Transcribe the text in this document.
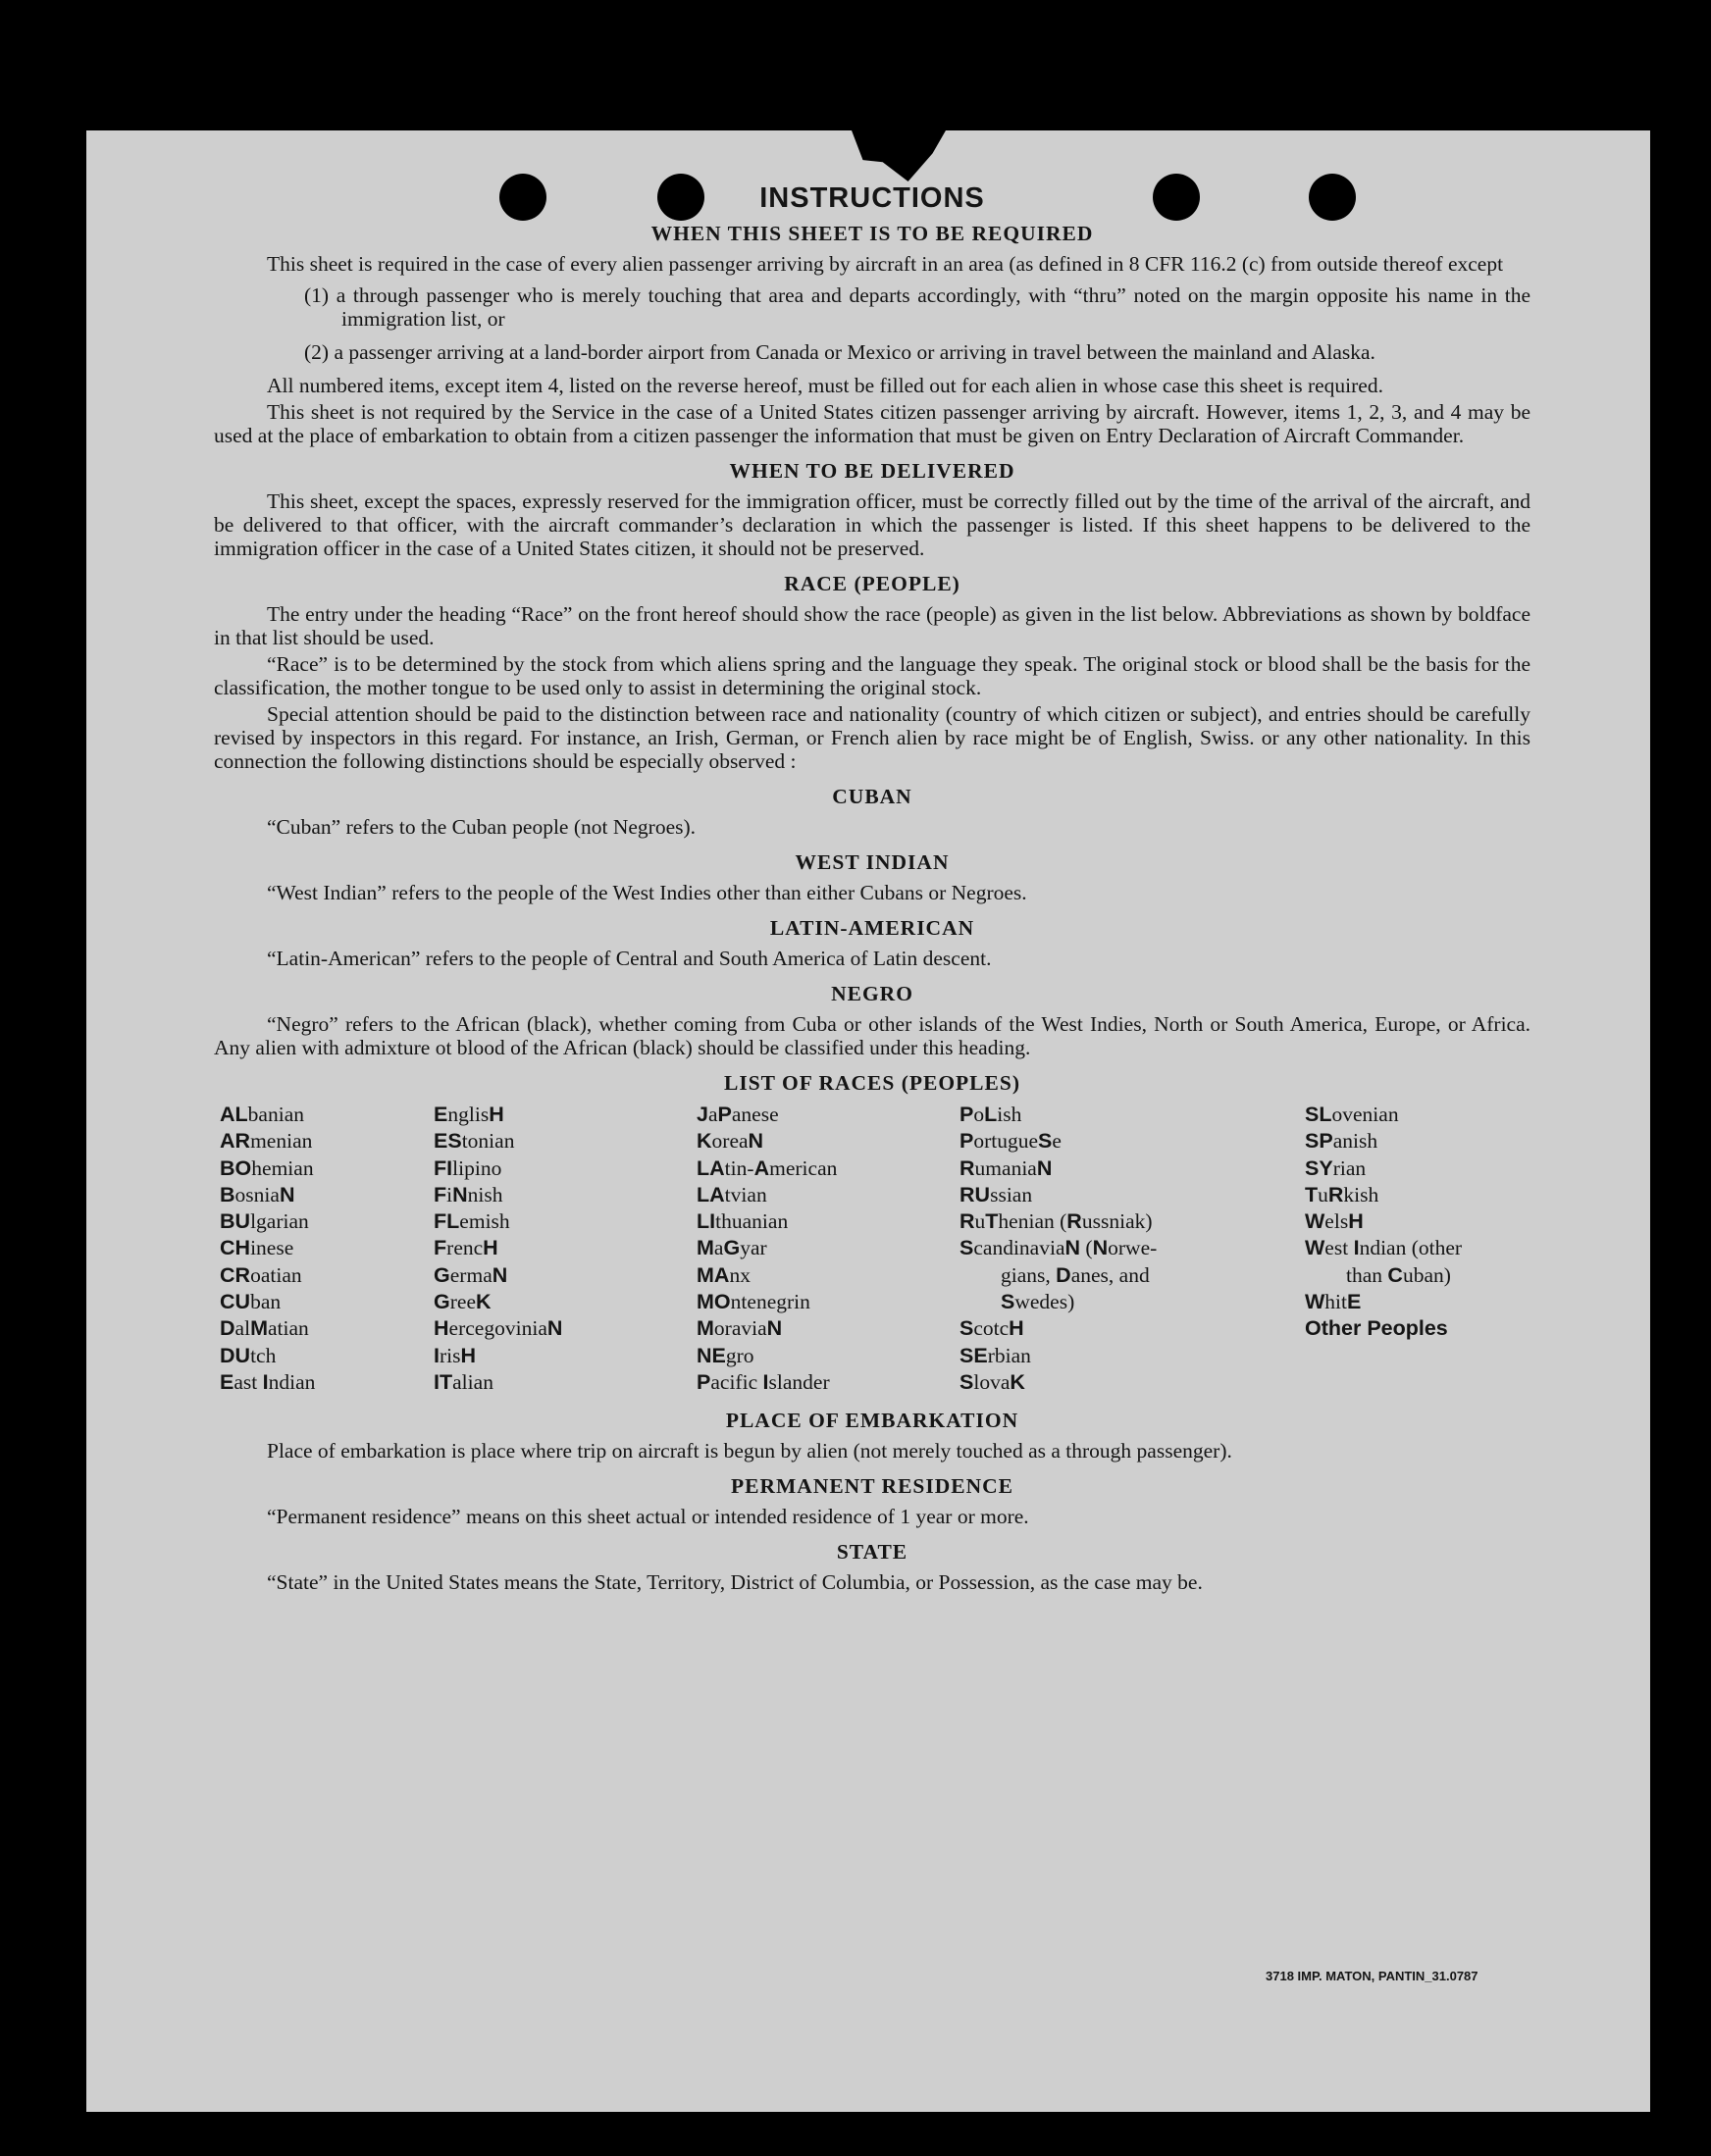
INSTRUCTIONS
WHEN THIS SHEET IS TO BE REQUIRED

This sheet is required in the case of every alien passenger arriving by aircraft in an area (as defined in 8 CFR 116.2 (c) from outside thereof except

(1) a through passenger who is merely touching that area and departs accordingly, with “thru” noted on the margin opposite his name in the immigration list, or
(2) a passenger arriving at a land-border airport from Canada or Mexico or arriving in travel between the mainland and Alaska.

All numbered items, except item 4, listed on the reverse hereof, must be filled out for each alien in whose case this sheet is required.

This sheet is not required by the Service in the case of a United States citizen passenger arriving by aircraft. However, items 1, 2, 3, and 4 may be used at the place of embarkation to obtain from a citizen passenger the information that must be given on Entry Declaration of Aircraft Commander.

WHEN TO BE DELIVERED

This sheet, except the spaces, expressly reserved for the immigration officer, must be correctly filled out by the time of the arrival of the aircraft, and be delivered to that officer, with the aircraft commander’s declaration in which the passenger is listed. If this sheet happens to be delivered to the immigration officer in the case of a United States citizen, it should not be preserved.

RACE (PEOPLE)

The entry under the heading “Race” on the front hereof should show the race (people) as given in the list below. Abbreviations as shown by boldface in that list should be used.

“Race” is to be determined by the stock from which aliens spring and the language they speak. The original stock or blood shall be the basis for the classification, the mother tongue to be used only to assist in determining the original stock.

Special attention should be paid to the distinction between race and nationality (country of which citizen or subject), and entries should be carefully revised by inspectors in this regard. For instance, an Irish, German, or French alien by race might be of English, Swiss. or any other nationality. In this connection the following distinctions should be especially observed :

CUBAN

“Cuban” refers to the Cuban people (not Negroes).

WEST INDIAN

“West Indian” refers to the people of the West Indies other than either Cubans or Negroes.

LATIN-AMERICAN

“Latin-American” refers to the people of Central and South America of Latin descent.

NEGRO

“Negro” refers to the African (black), whether coming from Cuba or other islands of the West Indies, North or South America, Europe, or Africa. Any alien with admixture ot blood of the African (black) should be classified under this heading.

LIST OF RACES (PEOPLES)
ALbanian
ARmenian
BOhemian
BosniaN
BUlgarian
CHinese
CRoatian
CUban
DalMatian
DUtch
East Indian
EnglisH
EStonian
FIlipino
FiNnish
FLemish
FrencH
GermaN
GreeK
HercegoviniaN
IrisH
ITalian
JaPanese
KoreaN
LAtin-American
LAtvian
LIthuanian
MaGyar
MAnx
MOntenegrin
MoraviaN
NEgro
Pacific Islander
PoLish
PortugueSe
RumaniaN
RUssian
RuThenian (Russniak)
ScandinaviaN (Norwe-
gians, Danes, and
Swedes)
ScotcH
SErbian
SlovaK
SLovenian
SPanish
SYrian
TuRkish
WelsH
West Indian (other
than Cuban)
WhitE
Other Peoples
PLACE OF EMBARKATION

Place of embarkation is place where trip on aircraft is begun by alien (not merely touched as a through passenger).

PERMANENT RESIDENCE

“Permanent residence” means on this sheet actual or intended residence of 1 year or more.

STATE

“State” in the United States means the State, Territory, District of Columbia, or Possession, as the case may be.

3718 IMP. MATON, PANTIN_31.0787
